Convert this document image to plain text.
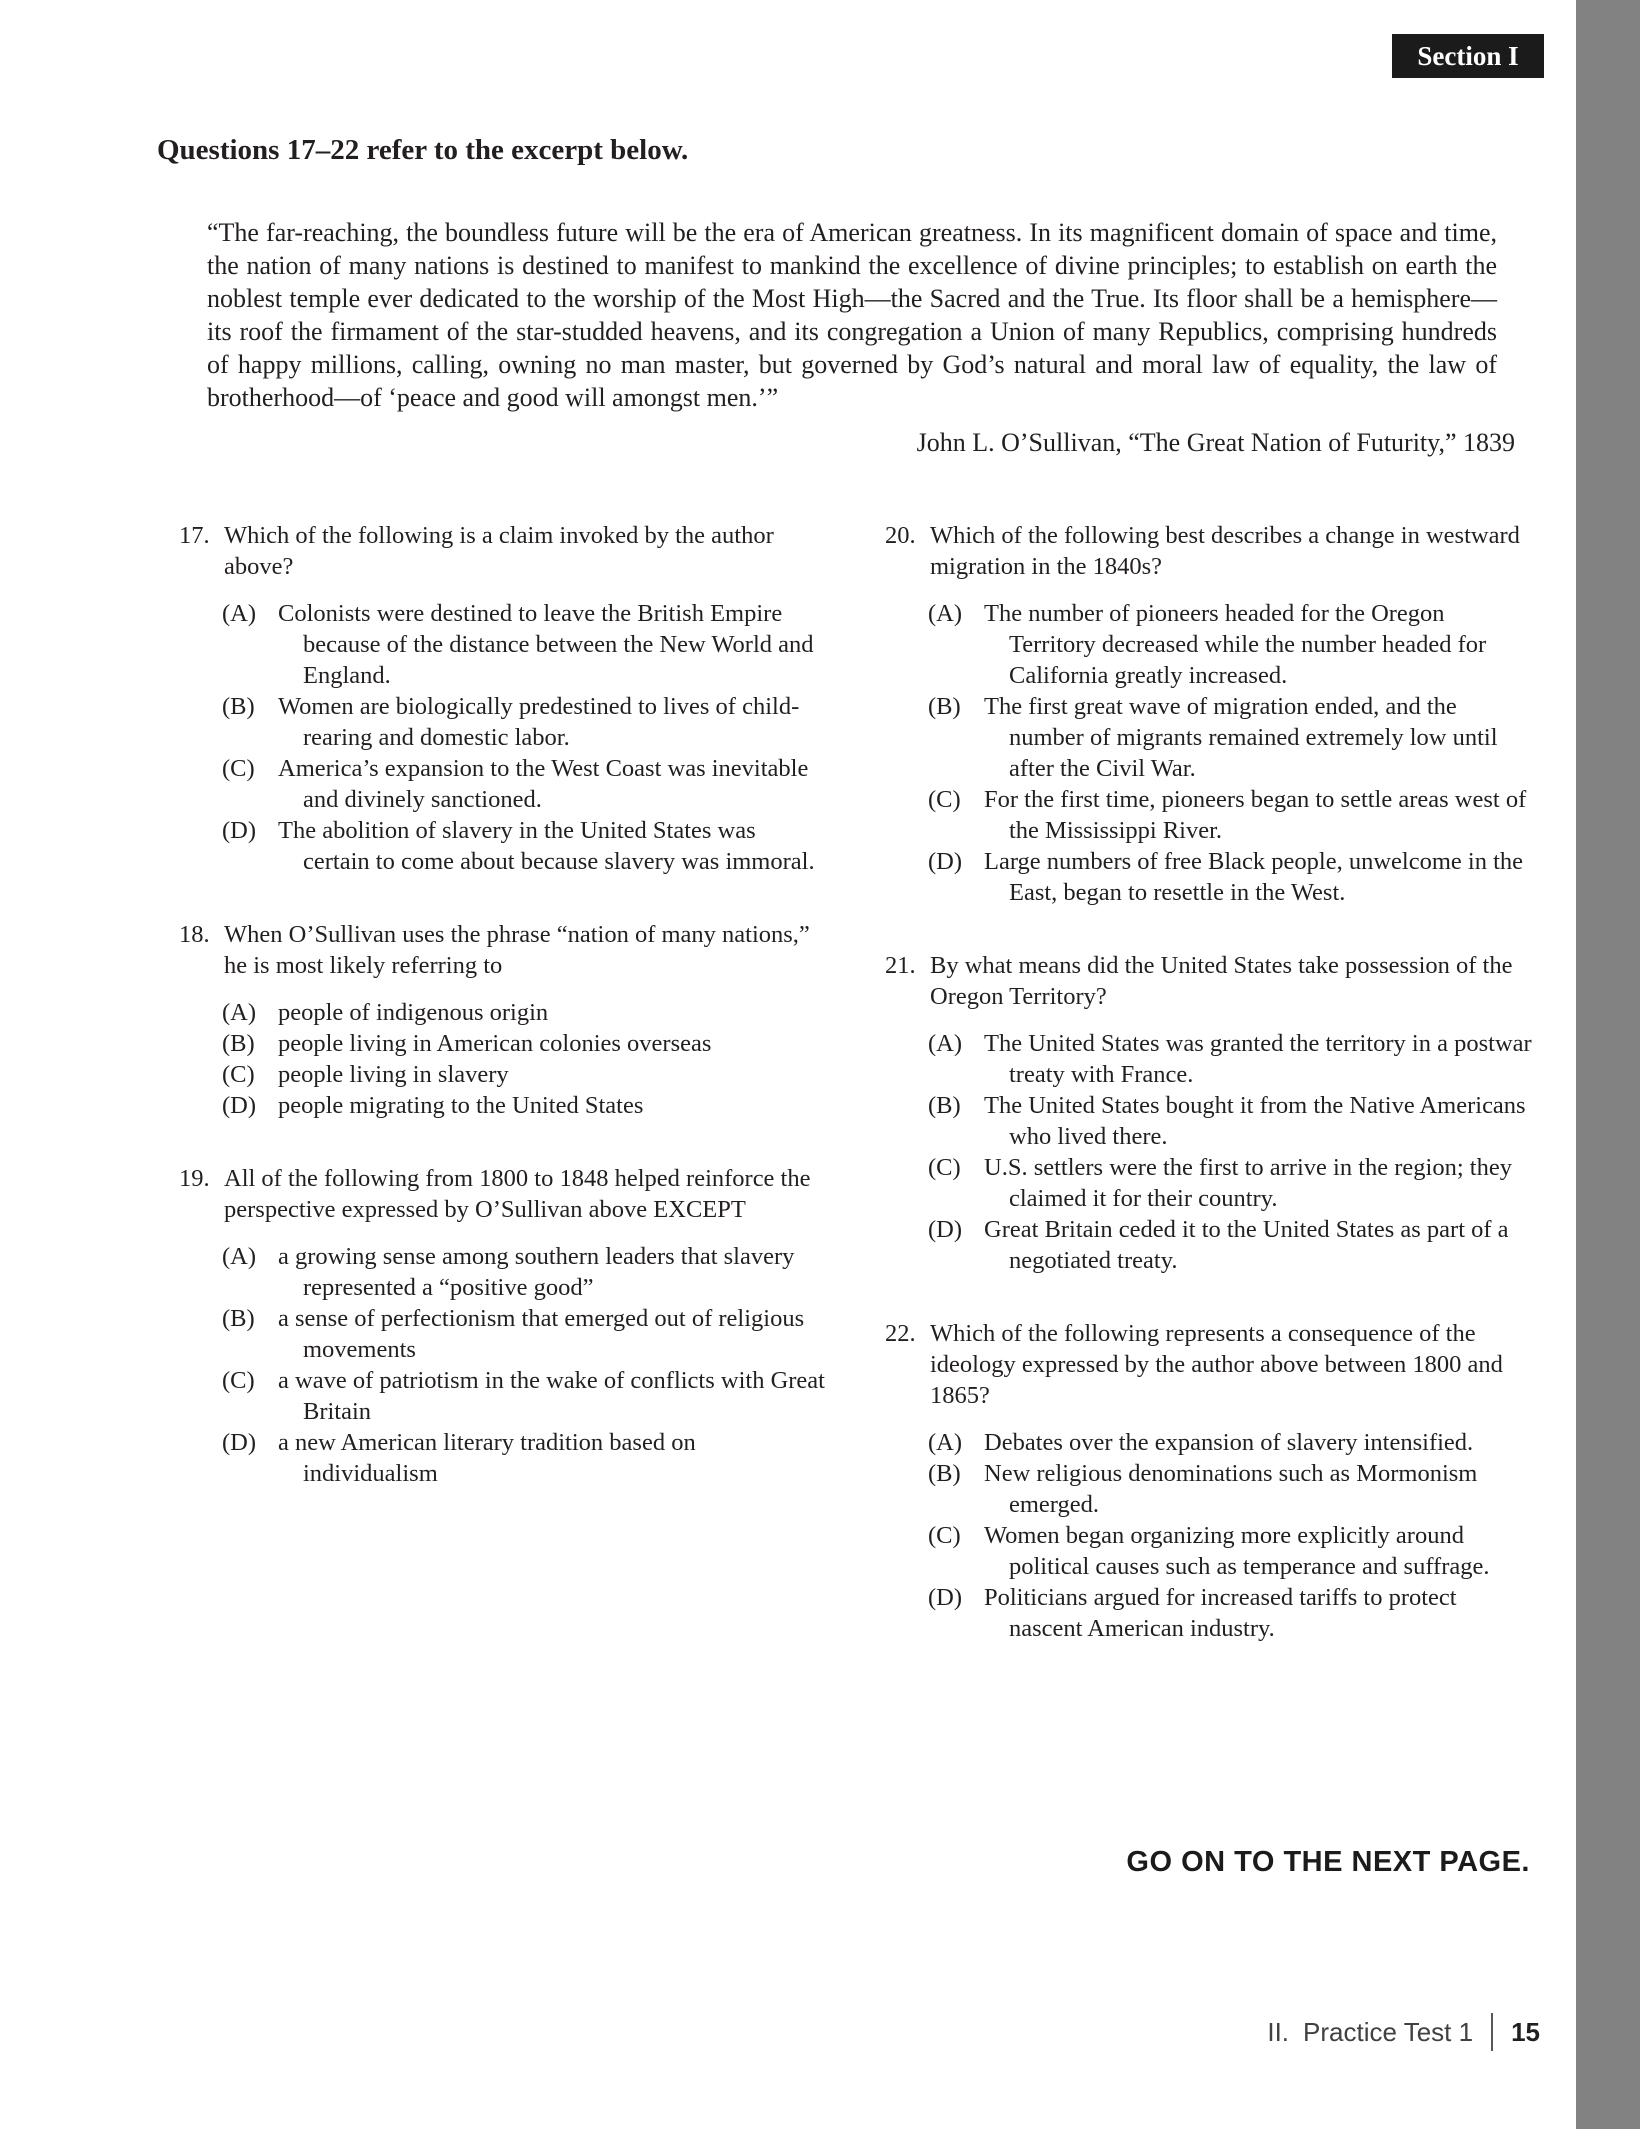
Section I
Questions 17–22 refer to the excerpt below.
“The far-reaching, the boundless future will be the era of American greatness. In its magnificent domain of space and time, the nation of many nations is destined to manifest to mankind the excellence of divine principles; to establish on earth the noblest temple ever dedicated to the worship of the Most High—the Sacred and the True. Its floor shall be a hemisphere—its roof the firmament of the star-studded heavens, and its congregation a Union of many Republics, comprising hundreds of happy millions, calling, owning no man master, but governed by God’s natural and moral law of equality, the law of brotherhood—of ‘peace and good will amongst men.’”
John L. O’Sullivan, “The Great Nation of Futurity,” 1839
17. Which of the following is a claim invoked by the author above?
(A) Colonists were destined to leave the British Empire because of the distance between the New World and England.
(B) Women are biologically predestined to lives of child-rearing and domestic labor.
(C) America’s expansion to the West Coast was inevitable and divinely sanctioned.
(D) The abolition of slavery in the United States was certain to come about because slavery was immoral.
18. When O’Sullivan uses the phrase “nation of many nations,” he is most likely referring to
(A) people of indigenous origin
(B) people living in American colonies overseas
(C) people living in slavery
(D) people migrating to the United States
19. All of the following from 1800 to 1848 helped reinforce the perspective expressed by O’Sullivan above EXCEPT
(A) a growing sense among southern leaders that slavery represented a “positive good”
(B) a sense of perfectionism that emerged out of religious movements
(C) a wave of patriotism in the wake of conflicts with Great Britain
(D) a new American literary tradition based on individualism
20. Which of the following best describes a change in westward migration in the 1840s?
(A) The number of pioneers headed for the Oregon Territory decreased while the number headed for California greatly increased.
(B) The first great wave of migration ended, and the number of migrants remained extremely low until after the Civil War.
(C) For the first time, pioneers began to settle areas west of the Mississippi River.
(D) Large numbers of free Black people, unwelcome in the East, began to resettle in the West.
21. By what means did the United States take possession of the Oregon Territory?
(A) The United States was granted the territory in a postwar treaty with France.
(B) The United States bought it from the Native Americans who lived there.
(C) U.S. settlers were the first to arrive in the region; they claimed it for their country.
(D) Great Britain ceded it to the United States as part of a negotiated treaty.
22. Which of the following represents a consequence of the ideology expressed by the author above between 1800 and 1865?
(A) Debates over the expansion of slavery intensified.
(B) New religious denominations such as Mormonism emerged.
(C) Women began organizing more explicitly around political causes such as temperance and suffrage.
(D) Politicians argued for increased tariffs to protect nascent American industry.
GO ON TO THE NEXT PAGE.
II. Practice Test 1 15
